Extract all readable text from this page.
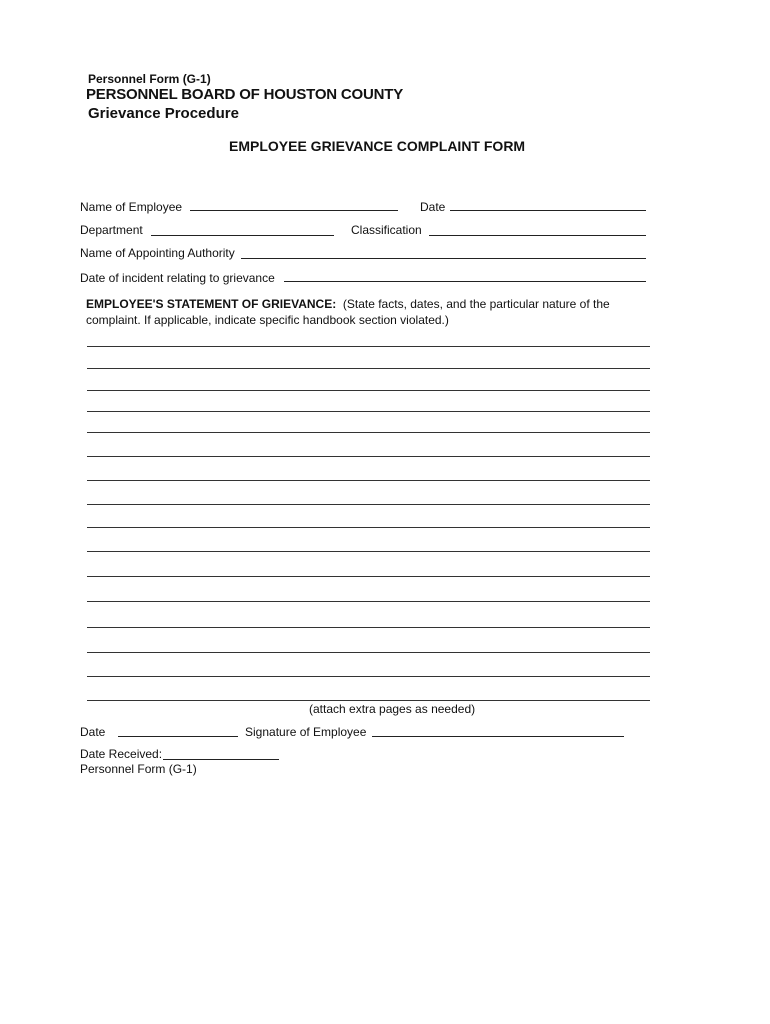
Personnel Form (G-1)
PERSONNEL BOARD OF HOUSTON COUNTY
Grievance Procedure
EMPLOYEE GRIEVANCE COMPLAINT FORM
Name of Employee	Date
Department	Classification
Name of Appointing Authority
Date of incident relating to grievance
EMPLOYEE'S STATEMENT OF GRIEVANCE: (State facts, dates, and the particular nature of the
complaint. If applicable, indicate specific handbook section violated.)
(attach extra pages as needed)
Date	Signature of Employee
Date Received:
Personnel Form (G-1)
